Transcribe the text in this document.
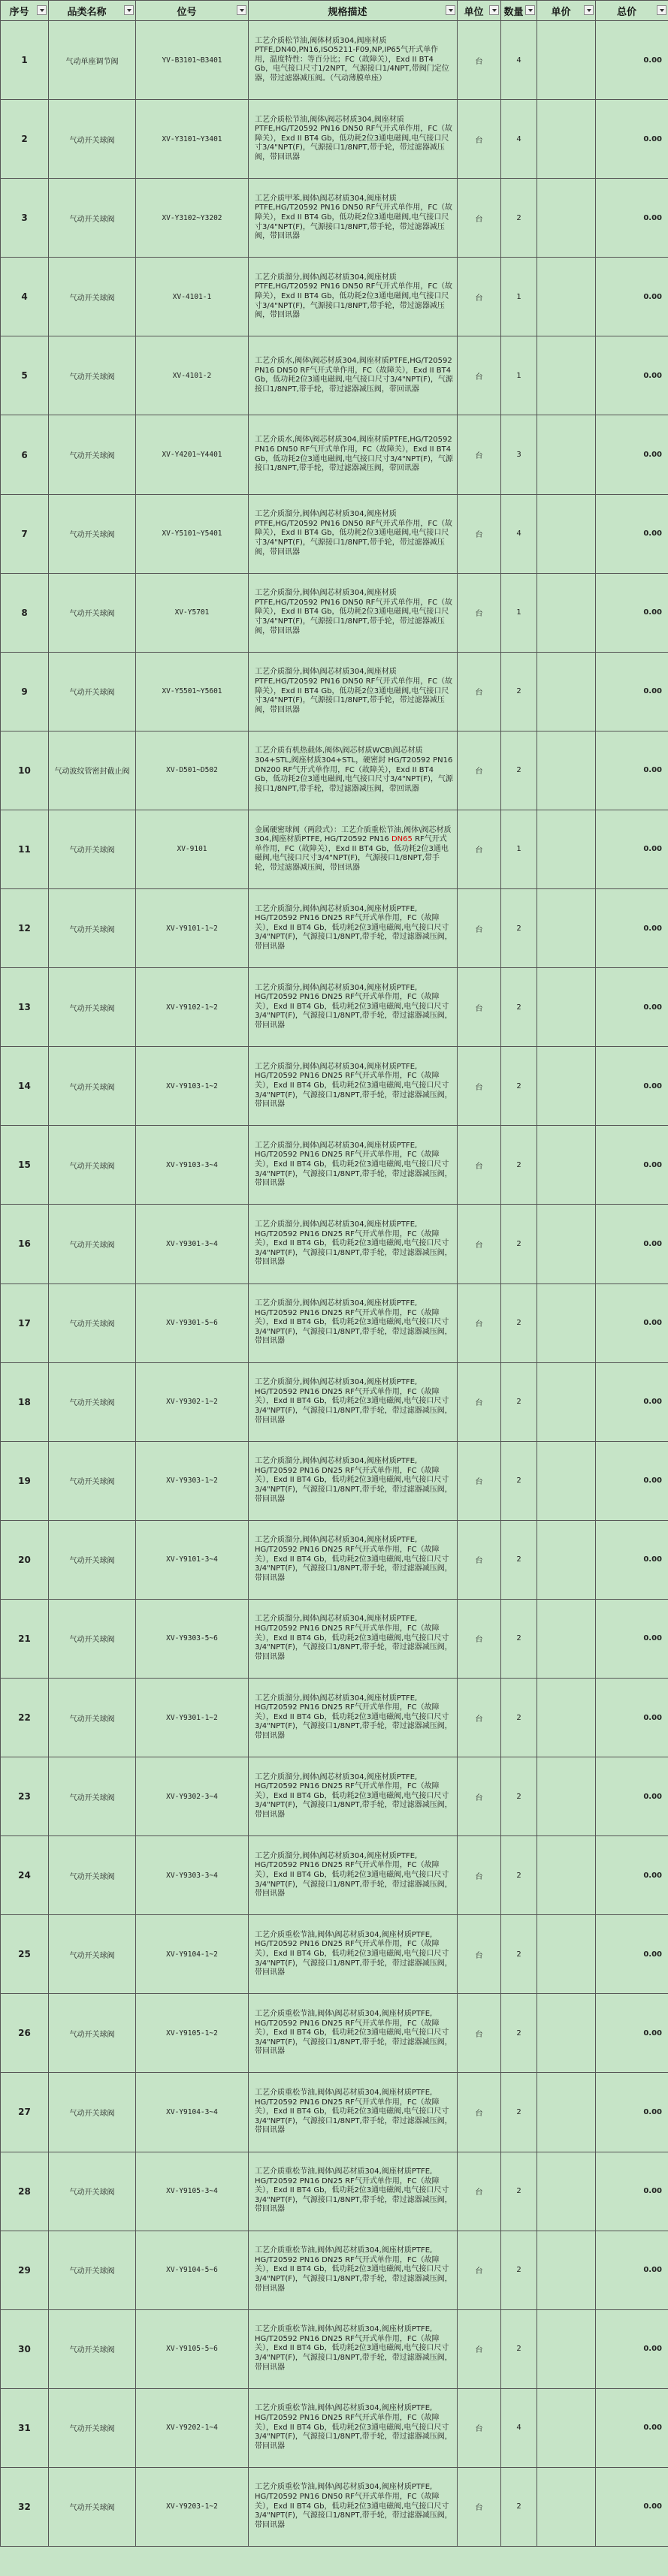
序号	品类名称	位号	规格描述	单位	数量	单价	总价

1	气动单座调节阀	YV-B3101~B3401	工艺介质松节油,阀体材质304,阀座材质PTFE,DN40,PN16,ISO5211-F09,NP,IP65气开式单作用，温度特性：等百分比；FC（故障关），Exd II BT4 Gb，电气接口尺寸1/2NPT，气源接口1/4NPT,带阀门定位器，带过滤器减压阀。（气动薄膜单座）	台	4		0.00
2	气动开关球阀	XV-Y3101~Y3401	工艺介质松节油,阀体\阀芯材质304,阀座材质PTFE,HG/T20592 PN16 DN50 RF气开式单作用，FC（故障关），Exd II BT4 Gb，低功耗2位3通电磁阀,电气接口尺寸3/4"NPT(F)，气源接口1/8NPT,带手轮，带过滤器减压阀，带回讯器	台	4		0.00
3	气动开关球阀	XV-Y3102~Y3202	工艺介质甲苯,阀体\阀芯材质304,阀座材质PTFE,HG/T20592 PN16 DN50 RF气开式单作用，FC（故障关），Exd II BT4 Gb，低功耗2位3通电磁阀,电气接口尺寸3/4"NPT(F)，气源接口1/8NPT,带手轮，带过滤器减压阀，带回讯器	台	2		0.00
4	气动开关球阀	XV-4101-1	工艺介质溜分,阀体\阀芯材质304,阀座材质PTFE,HG/T20592 PN16 DN50 RF气开式单作用，FC（故障关），Exd II BT4 Gb，低功耗2位3通电磁阀,电气接口尺寸3/4"NPT(F)，气源接口1/8NPT,带手轮，带过滤器减压阀，带回讯器	台	1		0.00
5	气动开关球阀	XV-4101-2	工艺介质水,阀体\阀芯材质304,阀座材质PTFE,HG/T20592 PN16 DN50 RF气开式单作用，FC（故障关），Exd II BT4 Gb，低功耗2位3通电磁阀,电气接口尺寸3/4"NPT(F)，气源接口1/8NPT,带手轮，带过滤器减压阀，带回讯器	台	1		0.00
6	气动开关球阀	XV-Y4201~Y4401	工艺介质水,阀体\阀芯材质304,阀座材质PTFE,HG/T20592 PN16 DN50 RF气开式单作用，FC（故障关），Exd II BT4 Gb，低功耗2位3通电磁阀,电气接口尺寸3/4"NPT(F)，气源接口1/8NPT,带手轮，带过滤器减压阀，带回讯器	台	3		0.00
7	气动开关球阀	XV-Y5101~Y5401	工艺介质溜分,阀体\阀芯材质304,阀座材质PTFE,HG/T20592 PN16 DN50 RF气开式单作用，FC（故障关），Exd II BT4 Gb，低功耗2位3通电磁阀,电气接口尺寸3/4"NPT(F)，气源接口1/8NPT,带手轮，带过滤器减压阀，带回讯器	台	4		0.00
8	气动开关球阀	XV-Y5701	工艺介质溜分,阀体\阀芯材质304,阀座材质PTFE,HG/T20592 PN16 DN50 RF气开式单作用，FC（故障关），Exd II BT4 Gb，低功耗2位3通电磁阀,电气接口尺寸3/4"NPT(F)，气源接口1/8NPT,带手轮，带过滤器减压阀，带回讯器	台	1		0.00
9	气动开关球阀	XV-Y5501~Y5601	工艺介质溜分,阀体\阀芯材质304,阀座材质PTFE,HG/T20592 PN16 DN50 RF气开式单作用，FC（故障关），Exd II BT4 Gb，低功耗2位3通电磁阀,电气接口尺寸3/4"NPT(F)，气源接口1/8NPT,带手轮，带过滤器减压阀，带回讯器	台	2		0.00
10	气动波纹管密封截止阀	XV-D501~D502	工艺介质有机热载体,阀体\阀芯材质WCB\阀芯材质304+STL,阀座材质304+STL，硬密封 HG/T20592 PN16 DN200 RF气开式单作用，FC（故障关），Exd II BT4 Gb，低功耗2位3通电磁阀,电气接口尺寸3/4"NPT(F)，气源接口1/8NPT,带手轮，带过滤器减压阀，带回讯器	台	2		0.00
11	气动开关球阀	XV-9101	金属硬密球阀（两段式）：工艺介质重松节油,阀体\阀芯材质304,阀座材质PTFE, HG/T20592 PN16 DN65 RF气开式单作用，FC（故障关），Exd II BT4 Gb，低功耗2位3通电磁阀,电气接口尺寸3/4"NPT(F)，气源接口1/8NPT,带手轮，带过滤器减压阀，带回讯器	台	1		0.00
12	气动开关球阀	XV-Y9101-1~2	工艺介质溜分,阀体\阀芯材质304,阀座材质PTFE, HG/T20592 PN16 DN25 RF气开式单作用，FC（故障关），Exd II BT4 Gb，低功耗2位3通电磁阀,电气接口尺寸3/4"NPT(F)，气源接口1/8NPT,带手轮，带过滤器减压阀，带回讯器	台	2		0.00
13	气动开关球阀	XV-Y9102-1~2	工艺介质溜分,阀体\阀芯材质304,阀座材质PTFE, HG/T20592 PN16 DN25 RF气开式单作用，FC（故障关），Exd II BT4 Gb，低功耗2位3通电磁阀,电气接口尺寸3/4"NPT(F)，气源接口1/8NPT,带手轮，带过滤器减压阀，带回讯器	台	2		0.00
14	气动开关球阀	XV-Y9103-1~2	工艺介质溜分,阀体\阀芯材质304,阀座材质PTFE, HG/T20592 PN16 DN25 RF气开式单作用，FC（故障关），Exd II BT4 Gb，低功耗2位3通电磁阀,电气接口尺寸3/4"NPT(F)，气源接口1/8NPT,带手轮，带过滤器减压阀，带回讯器	台	2		0.00
15	气动开关球阀	XV-Y9103-3~4	工艺介质溜分,阀体\阀芯材质304,阀座材质PTFE, HG/T20592 PN16 DN25 RF气开式单作用，FC（故障关），Exd II BT4 Gb，低功耗2位3通电磁阀,电气接口尺寸3/4"NPT(F)，气源接口1/8NPT,带手轮，带过滤器减压阀，带回讯器	台	2		0.00
16	气动开关球阀	XV-Y9301-3~4	工艺介质溜分,阀体\阀芯材质304,阀座材质PTFE, HG/T20592 PN16 DN25 RF气开式单作用，FC（故障关），Exd II BT4 Gb，低功耗2位3通电磁阀,电气接口尺寸3/4"NPT(F)，气源接口1/8NPT,带手轮，带过滤器减压阀，带回讯器	台	2		0.00
17	气动开关球阀	XV-Y9301-5~6	工艺介质溜分,阀体\阀芯材质304,阀座材质PTFE, HG/T20592 PN16 DN25 RF气开式单作用，FC（故障关），Exd II BT4 Gb，低功耗2位3通电磁阀,电气接口尺寸3/4"NPT(F)，气源接口1/8NPT,带手轮，带过滤器减压阀，带回讯器	台	2		0.00
18	气动开关球阀	XV-Y9302-1~2	工艺介质溜分,阀体\阀芯材质304,阀座材质PTFE, HG/T20592 PN16 DN25 RF气开式单作用，FC（故障关），Exd II BT4 Gb，低功耗2位3通电磁阀,电气接口尺寸3/4"NPT(F)，气源接口1/8NPT,带手轮，带过滤器减压阀，带回讯器	台	2		0.00
19	气动开关球阀	XV-Y9303-1~2	工艺介质溜分,阀体\阀芯材质304,阀座材质PTFE, HG/T20592 PN16 DN25 RF气开式单作用，FC（故障关），Exd II BT4 Gb，低功耗2位3通电磁阀,电气接口尺寸3/4"NPT(F)，气源接口1/8NPT,带手轮，带过滤器减压阀，带回讯器	台	2		0.00
20	气动开关球阀	XV-Y9101-3~4	工艺介质溜分,阀体\阀芯材质304,阀座材质PTFE, HG/T20592 PN16 DN25 RF气开式单作用，FC（故障关），Exd II BT4 Gb，低功耗2位3通电磁阀,电气接口尺寸3/4"NPT(F)，气源接口1/8NPT,带手轮，带过滤器减压阀，带回讯器	台	2		0.00
21	气动开关球阀	XV-Y9303-5~6	工艺介质溜分,阀体\阀芯材质304,阀座材质PTFE, HG/T20592 PN16 DN25 RF气开式单作用，FC（故障关），Exd II BT4 Gb，低功耗2位3通电磁阀,电气接口尺寸3/4"NPT(F)，气源接口1/8NPT,带手轮，带过滤器减压阀，带回讯器	台	2		0.00
22	气动开关球阀	XV-Y9301-1~2	工艺介质溜分,阀体\阀芯材质304,阀座材质PTFE, HG/T20592 PN16 DN25 RF气开式单作用，FC（故障关），Exd II BT4 Gb，低功耗2位3通电磁阀,电气接口尺寸3/4"NPT(F)，气源接口1/8NPT,带手轮，带过滤器减压阀，带回讯器	台	2		0.00
23	气动开关球阀	XV-Y9302-3~4	工艺介质溜分,阀体\阀芯材质304,阀座材质PTFE, HG/T20592 PN16 DN25 RF气开式单作用，FC（故障关），Exd II BT4 Gb，低功耗2位3通电磁阀,电气接口尺寸3/4"NPT(F)，气源接口1/8NPT,带手轮，带过滤器减压阀，带回讯器	台	2		0.00
24	气动开关球阀	XV-Y9303-3~4	工艺介质溜分,阀体\阀芯材质304,阀座材质PTFE, HG/T20592 PN16 DN25 RF气开式单作用，FC（故障关），Exd II BT4 Gb，低功耗2位3通电磁阀,电气接口尺寸3/4"NPT(F)，气源接口1/8NPT,带手轮，带过滤器减压阀，带回讯器	台	2		0.00
25	气动开关球阀	XV-Y9104-1~2	工艺介质重松节油,阀体\阀芯材质304,阀座材质PTFE, HG/T20592 PN16 DN25 RF气开式单作用，FC（故障关），Exd II BT4 Gb，低功耗2位3通电磁阀,电气接口尺寸3/4"NPT(F)，气源接口1/8NPT,带手轮，带过滤器减压阀，带回讯器	台	2		0.00
26	气动开关球阀	XV-Y9105-1~2	工艺介质重松节油,阀体\阀芯材质304,阀座材质PTFE, HG/T20592 PN16 DN25 RF气开式单作用，FC（故障关），Exd II BT4 Gb，低功耗2位3通电磁阀,电气接口尺寸3/4"NPT(F)，气源接口1/8NPT,带手轮，带过滤器减压阀，带回讯器	台	2		0.00
27	气动开关球阀	XV-Y9104-3~4	工艺介质重松节油,阀体\阀芯材质304,阀座材质PTFE, HG/T20592 PN16 DN25 RF气开式单作用，FC（故障关），Exd II BT4 Gb，低功耗2位3通电磁阀,电气接口尺寸3/4"NPT(F)，气源接口1/8NPT,带手轮，带过滤器减压阀，带回讯器	台	2		0.00
28	气动开关球阀	XV-Y9105-3~4	工艺介质重松节油,阀体\阀芯材质304,阀座材质PTFE, HG/T20592 PN16 DN25 RF气开式单作用，FC（故障关），Exd II BT4 Gb，低功耗2位3通电磁阀,电气接口尺寸3/4"NPT(F)，气源接口1/8NPT,带手轮，带过滤器减压阀，带回讯器	台	2		0.00
29	气动开关球阀	XV-Y9104-5~6	工艺介质重松节油,阀体\阀芯材质304,阀座材质PTFE, HG/T20592 PN16 DN25 RF气开式单作用，FC（故障关），Exd II BT4 Gb，低功耗2位3通电磁阀,电气接口尺寸3/4"NPT(F)，气源接口1/8NPT,带手轮，带过滤器减压阀，带回讯器	台	2		0.00
30	气动开关球阀	XV-Y9105-5~6	工艺介质重松节油,阀体\阀芯材质304,阀座材质PTFE, HG/T20592 PN16 DN25 RF气开式单作用，FC（故障关），Exd II BT4 Gb，低功耗2位3通电磁阀,电气接口尺寸3/4"NPT(F)，气源接口1/8NPT,带手轮，带过滤器减压阀，带回讯器	台	2		0.00
31	气动开关球阀	XV-Y9202-1~4	工艺介质重松节油,阀体\阀芯材质304,阀座材质PTFE, HG/T20592 PN16 DN25 RF气开式单作用，FC（故障关），Exd II BT4 Gb，低功耗2位3通电磁阀,电气接口尺寸3/4"NPT(F)，气源接口1/8NPT,带手轮，带过滤器减压阀，带回讯器	台	4		0.00
32	气动开关球阀	XV-Y9203-1~2	工艺介质重松节油,阀体\阀芯材质304,阀座材质PTFE, HG/T20592 PN16 DN50 RF气开式单作用，FC（故障关），Exd II BT4 Gb，低功耗2位3通电磁阀,电气接口尺寸3/4"NPT(F)，气源接口1/8NPT,带手轮，带过滤器减压阀，带回讯器	台	2		0.00
